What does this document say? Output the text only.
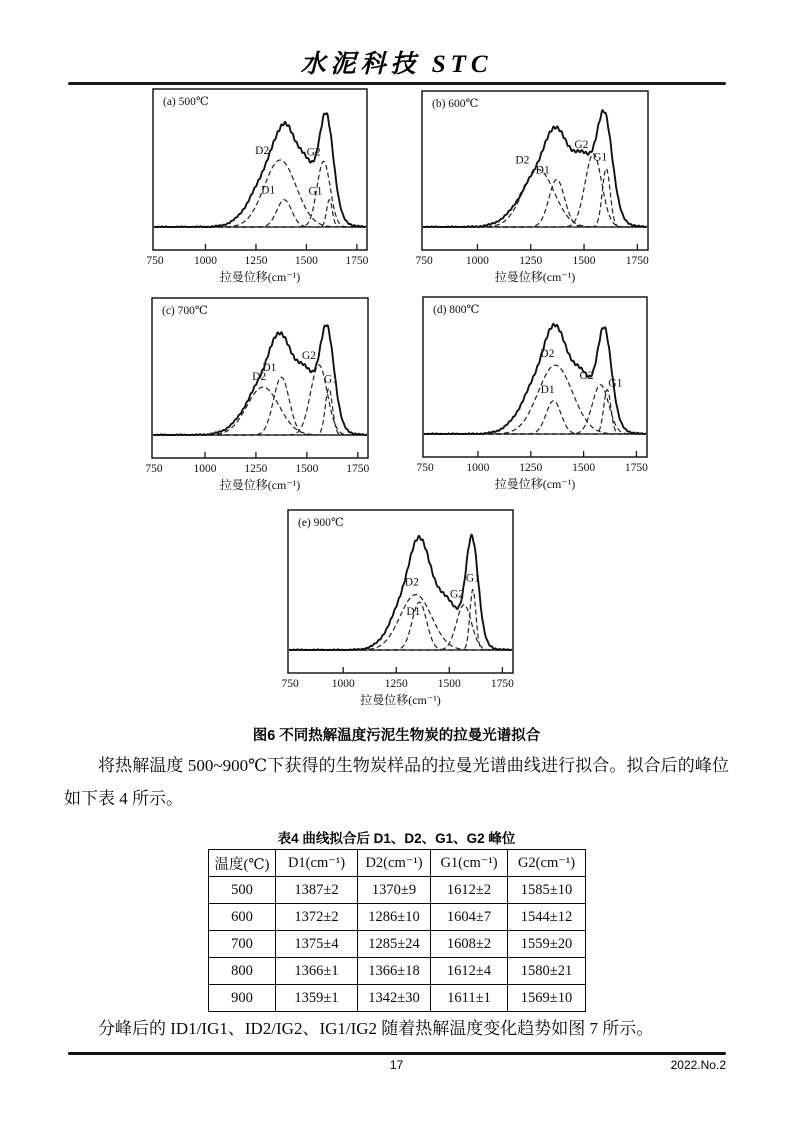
水泥科技 STC
D2
D1
G2
G1
(a) 500℃
750	1000 1250 1500 1750
拉曼位移(cm⁻¹)
D2
D1
G2
G1
(b) 600℃
750	1000	1250	1500	1750
拉曼位移(cm⁻¹)
D2
D1
G2
G1
(c) 700℃
750	1000 1250 1500 1750
拉曼位移(cm⁻¹)
D2
D1
G2
G1
(d) 800℃
750	1000	1250	1500	1750
拉曼位移(cm⁻¹)
D2
D1
G2
G1
(e) 900℃
750	1000	1250	1500	1750
拉曼位移(cm⁻¹)
图6 不同热解温度污泥生物炭的拉曼光谱拟合
将热解温度 500~900℃下获得的生物炭样品的拉曼光谱曲线进行拟合。拟合后的峰位如下表 4 所示。
表4 曲线拟合后 D1、D2、G1、G2 峰位
温度(℃)	D1(cm⁻¹)	D2(cm⁻¹)	G1(cm⁻¹)	G2(cm⁻¹)
500	1387±2	1370±9	1612±2	1585±10
600	1372±2	1286±10	1604±7	1544±12
700	1375±4	1285±24	1608±2	1559±20
800	1366±1	1366±18	1612±4	1580±21
900	1359±1	1342±30	1611±1	1569±10
分峰后的 ID1/IG1、ID2/IG2、IG1/IG2 随着热解温度变化趋势如图 7 所示。
17	2022.No.2
